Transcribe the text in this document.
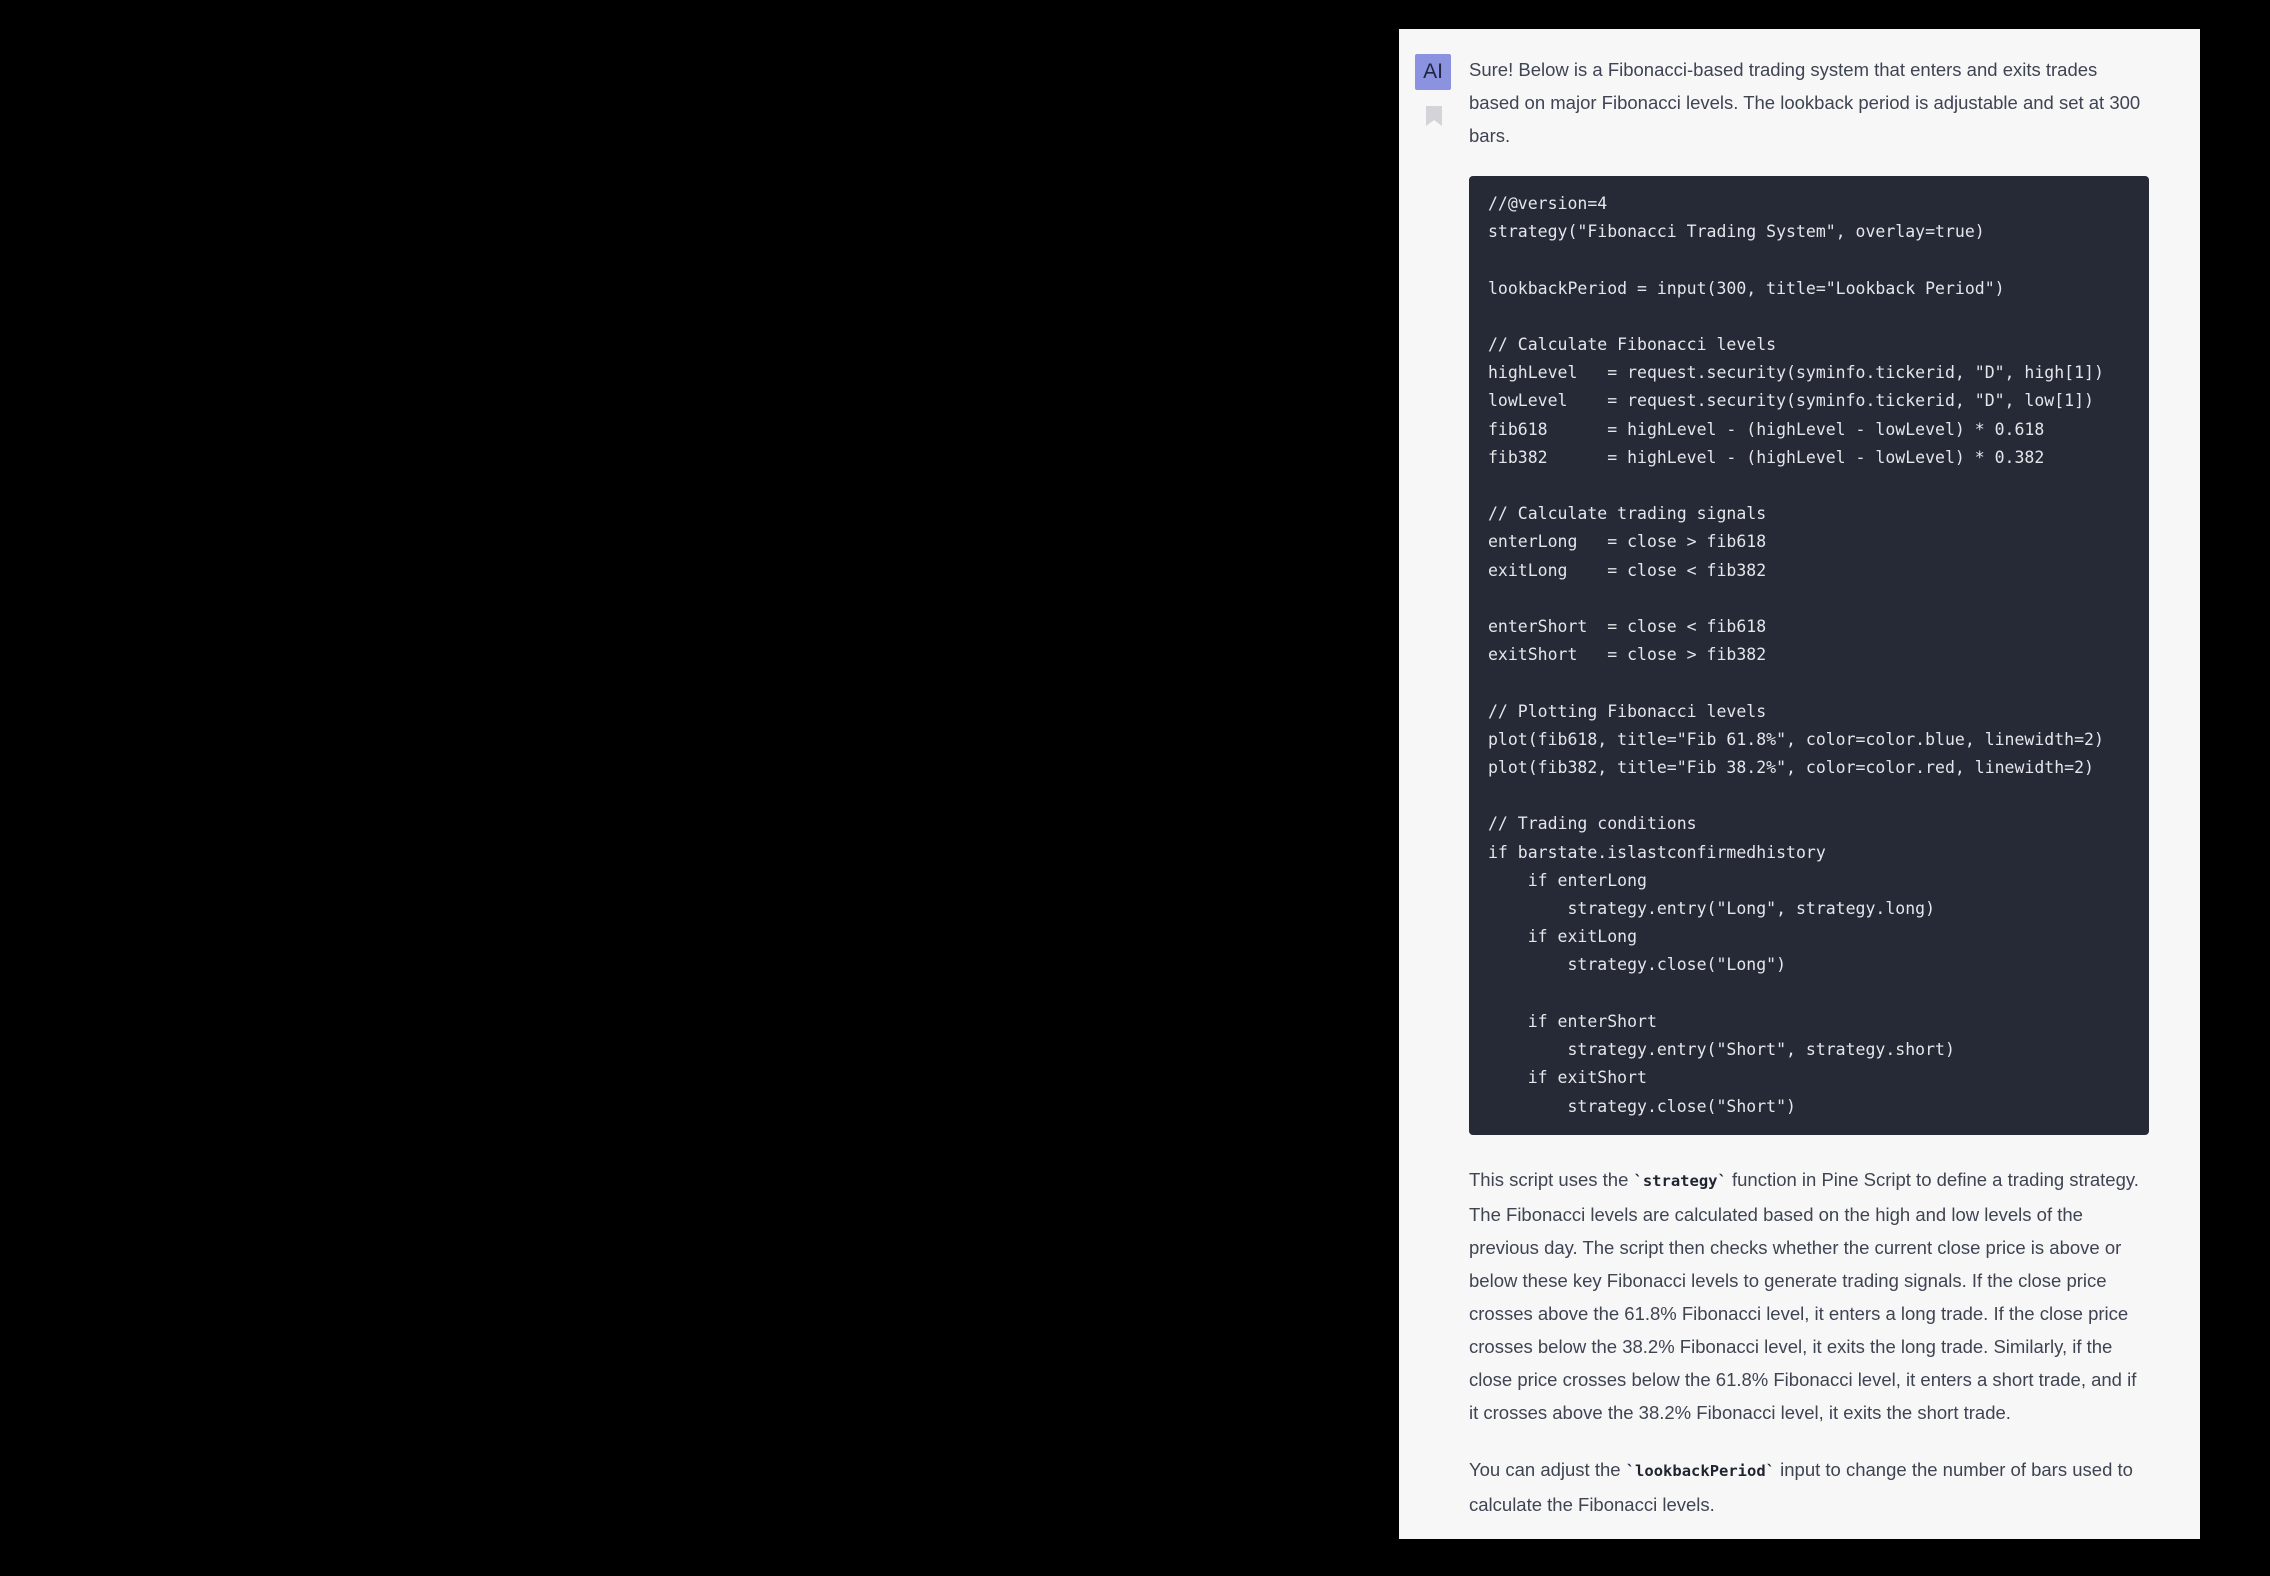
AI	Sure! Below is a Fibonacci-based trading system that enters and exits trades based on major Fibonacci levels. The lookback period is adjustable and set at 300 bars.

//@version=4
strategy("Fibonacci Trading System", overlay=true)

lookbackPeriod = input(300, title="Lookback Period")

// Calculate Fibonacci levels
highLevel   = request.security(syminfo.tickerid, "D", high[1])
lowLevel    = request.security(syminfo.tickerid, "D", low[1])
fib618      = highLevel - (highLevel - lowLevel) * 0.618
fib382      = highLevel - (highLevel - lowLevel) * 0.382

// Calculate trading signals
enterLong   = close > fib618
exitLong    = close < fib382

enterShort  = close < fib618
exitShort   = close > fib382

// Plotting Fibonacci levels
plot(fib618, title="Fib 61.8%", color=color.blue, linewidth=2)
plot(fib382, title="Fib 38.2%", color=color.red, linewidth=2)

// Trading conditions
if barstate.islastconfirmedhistory
if enterLong
strategy.entry("Long", strategy.long)
if exitLong
strategy.close("Long")

if enterShort
strategy.entry("Short", strategy.short)
if exitShort
strategy.close("Short")

This script uses the `strategy` function in Pine Script to define a trading strategy. The Fibonacci levels are calculated based on the high and low levels of the previous day. The script then checks whether the current close price is above or below these key Fibonacci levels to generate trading signals. If the close price crosses above the 61.8% Fibonacci level, it enters a long trade. If the close price crosses below the 38.2% Fibonacci level, it exits the long trade. Similarly, if the close price crosses below the 61.8% Fibonacci level, it enters a short trade, and if it crosses above the 38.2% Fibonacci level, it exits the short trade.

You can adjust the `lookbackPeriod` input to change the number of bars used to calculate the Fibonacci levels.
